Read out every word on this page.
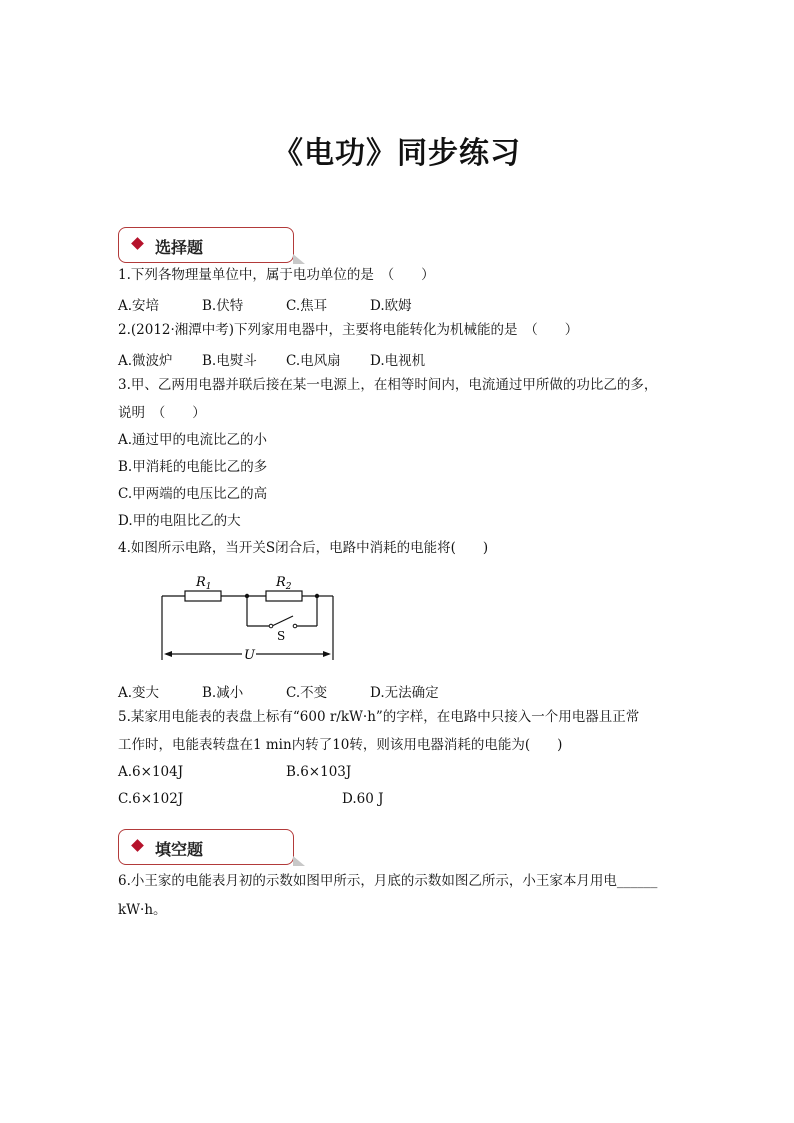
《电功》同步练习
选择题
1.下列各物理量单位中，属于电功单位的是　（　　）
A.安培	B.伏特	C.焦耳	D.欧姆
2.(2012·湘潭中考)下列家用电器中，主要将电能转化为机械能的是　（　　）
A.微波炉 B.电熨斗 C.电风扇 D.电视机
3.甲、乙两用电器并联后接在某一电源上，在相等时间内，电流通过甲所做的功比乙的多，
说明　（　　）
A.通过甲的电流比乙的小
B.甲消耗的电能比乙的多
C.甲两端的电压比乙的高
D.甲的电阻比乙的大
4.如图所示电路，当开关S闭合后，电路中消耗的电能将(　　)
$R_1$	$R_2$
S
U
A.变大	B.减小	C.不变	D.无法确定
5.某家用电能表的表盘上标有“600 r/kW·h”的字样，在电路中只接入一个用电器且正常
工作时，电能表转盘在1 min内转了10转，则该用电器消耗的电能为(　　)
A.6×104J	B.6×103J
C.6×102J	D.60 J
填空题
6.小王家的电能表月初的示数如图甲所示，月底的示数如图乙所示，小王家本月用电______
kW·h。
